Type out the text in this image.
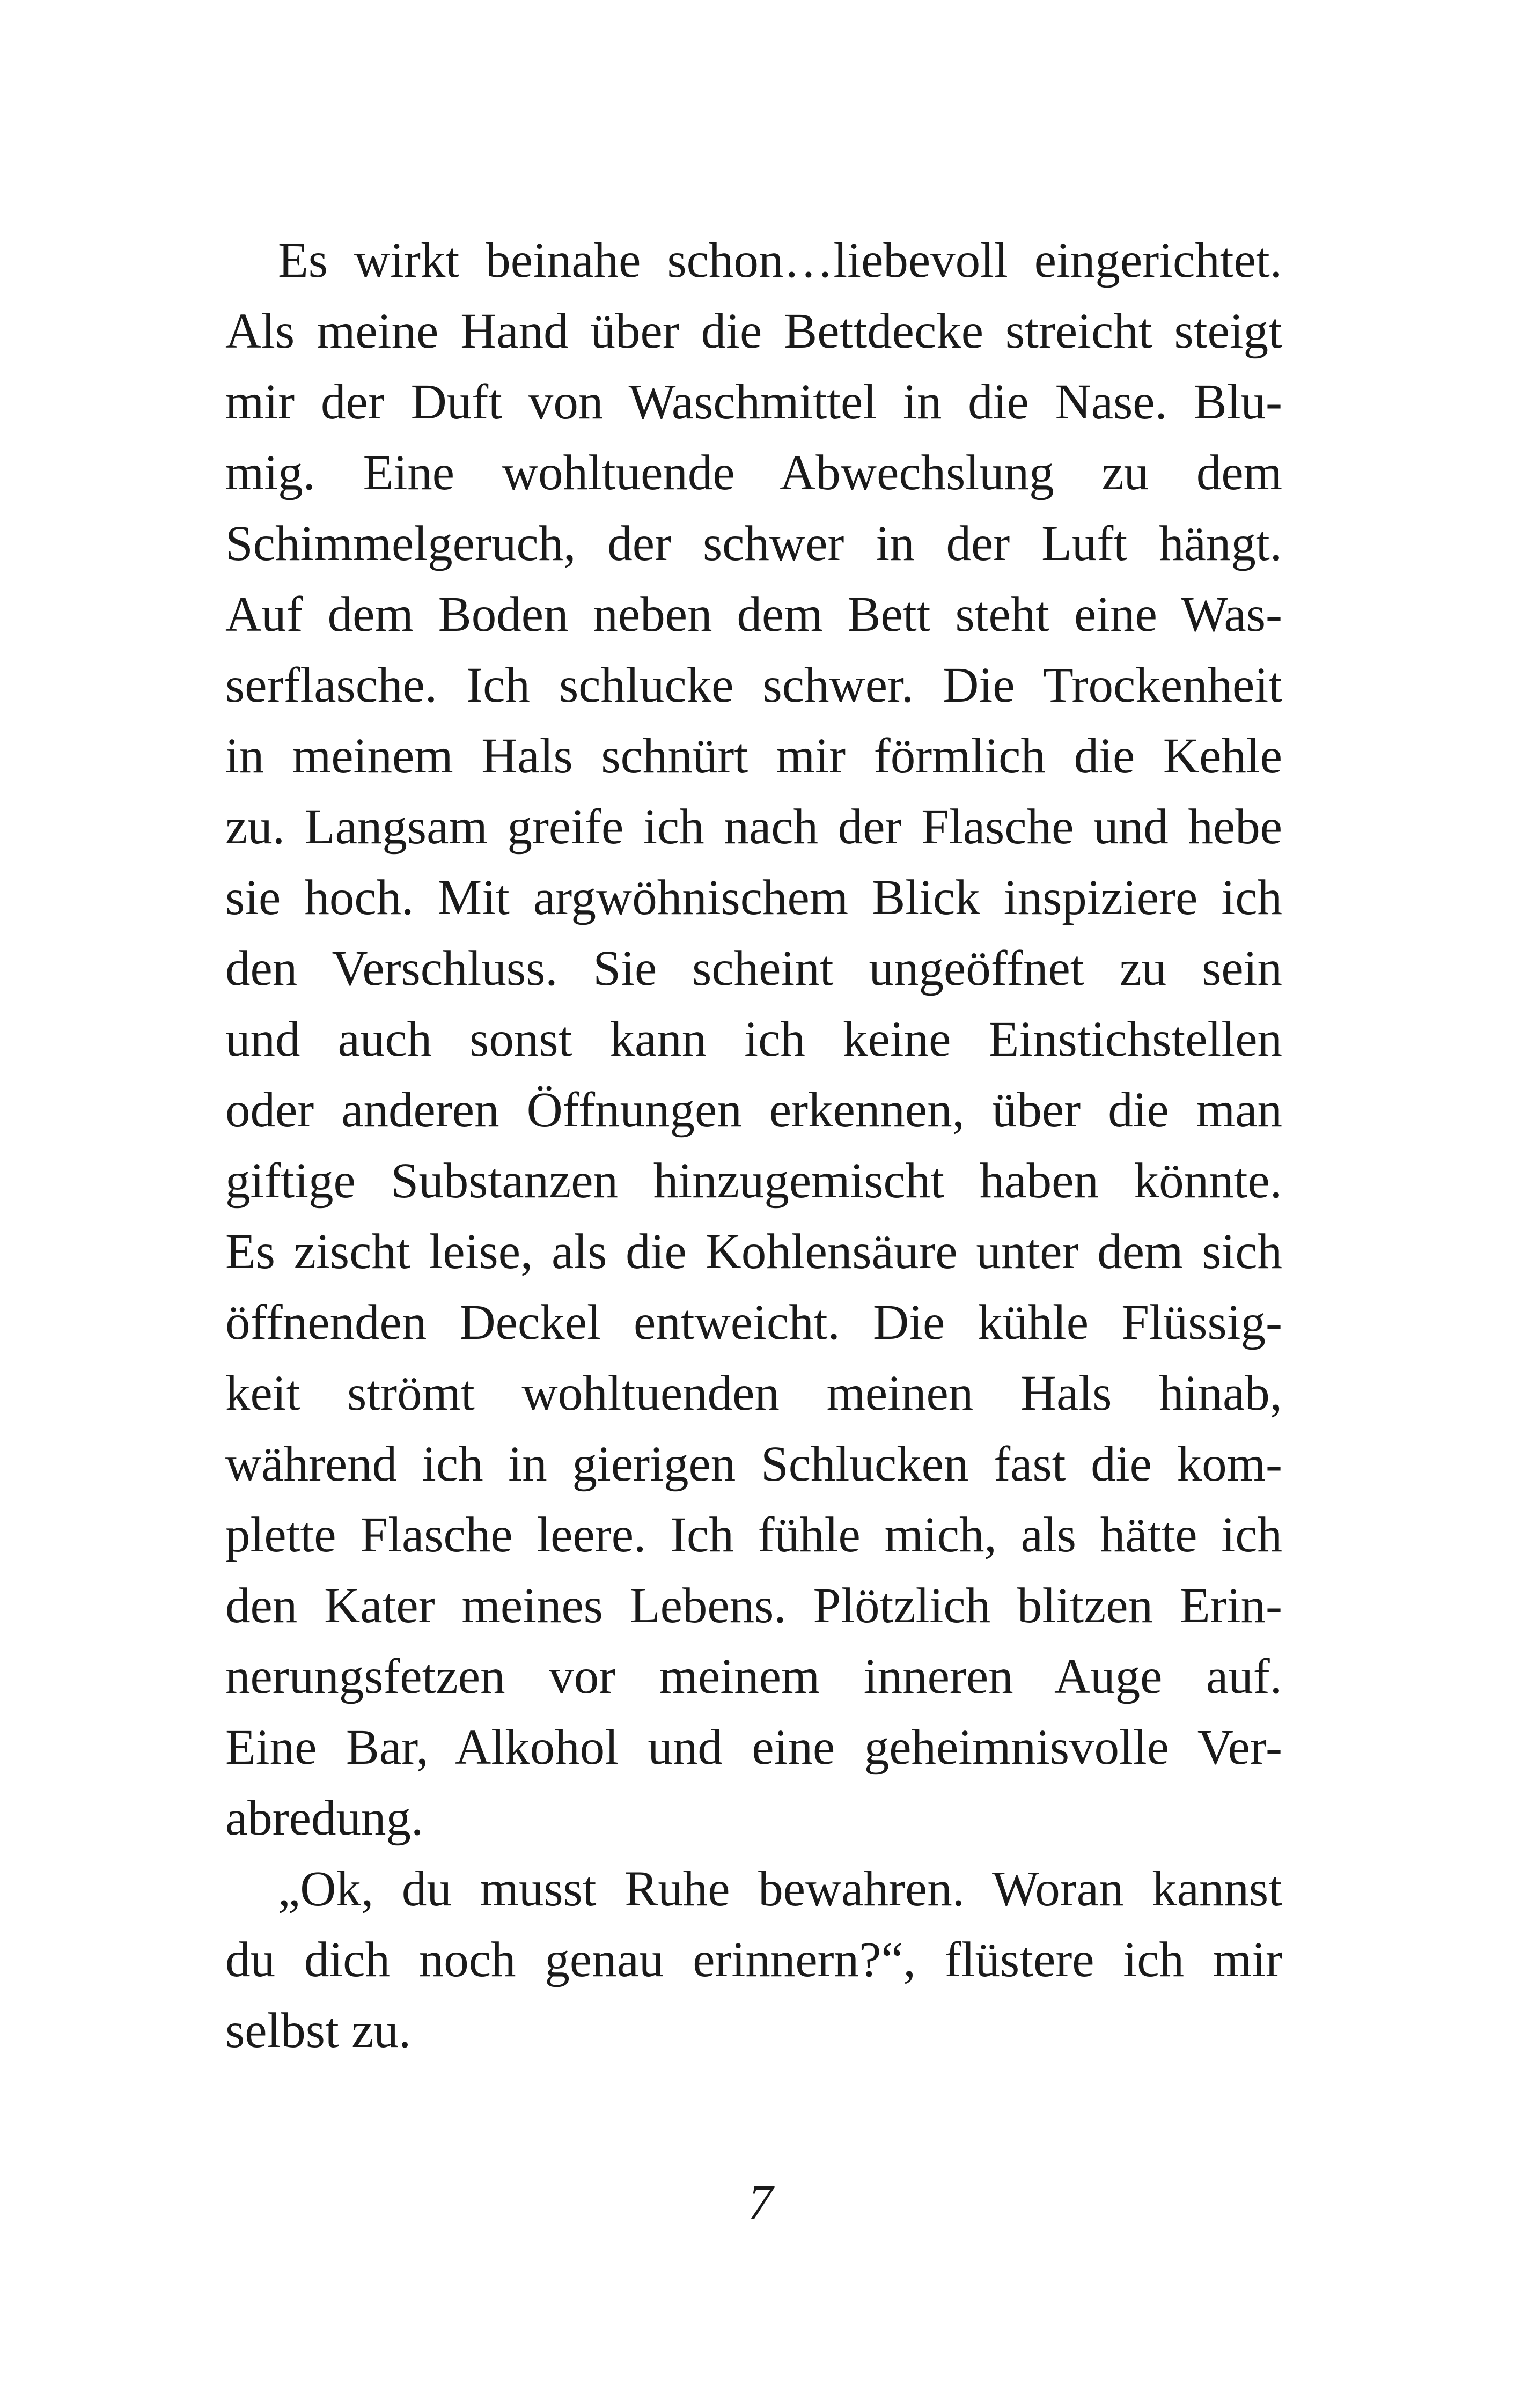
Es wirkt beinahe schon…liebevoll eingerichtet.
Als meine Hand über die Bettdecke streicht steigt
mir der Duft von Waschmittel in die Nase. Blu-
mig. Eine wohltuende Abwechslung zu dem
Schimmelgeruch, der schwer in der Luft hängt.
Auf dem Boden neben dem Bett steht eine Was-
serflasche. Ich schlucke schwer. Die Trockenheit
in meinem Hals schnürt mir förmlich die Kehle
zu. Langsam greife ich nach der Flasche und hebe
sie hoch. Mit argwöhnischem Blick inspiziere ich
den Verschluss. Sie scheint ungeöffnet zu sein
und auch sonst kann ich keine Einstichstellen
oder anderen Öffnungen erkennen, über die man
giftige Substanzen hinzugemischt haben könnte.
Es zischt leise, als die Kohlensäure unter dem sich
öffnenden Deckel entweicht. Die kühle Flüssig-
keit strömt wohltuenden meinen Hals hinab,
während ich in gierigen Schlucken fast die kom-
plette Flasche leere. Ich fühle mich, als hätte ich
den Kater meines Lebens. Plötzlich blitzen Erin-
nerungsfetzen vor meinem inneren Auge auf.
Eine Bar, Alkohol und eine geheimnisvolle Ver-
abredung.
„Ok, du musst Ruhe bewahren. Woran kannst
du dich noch genau erinnern?“, flüstere ich mir
selbst zu.
7
